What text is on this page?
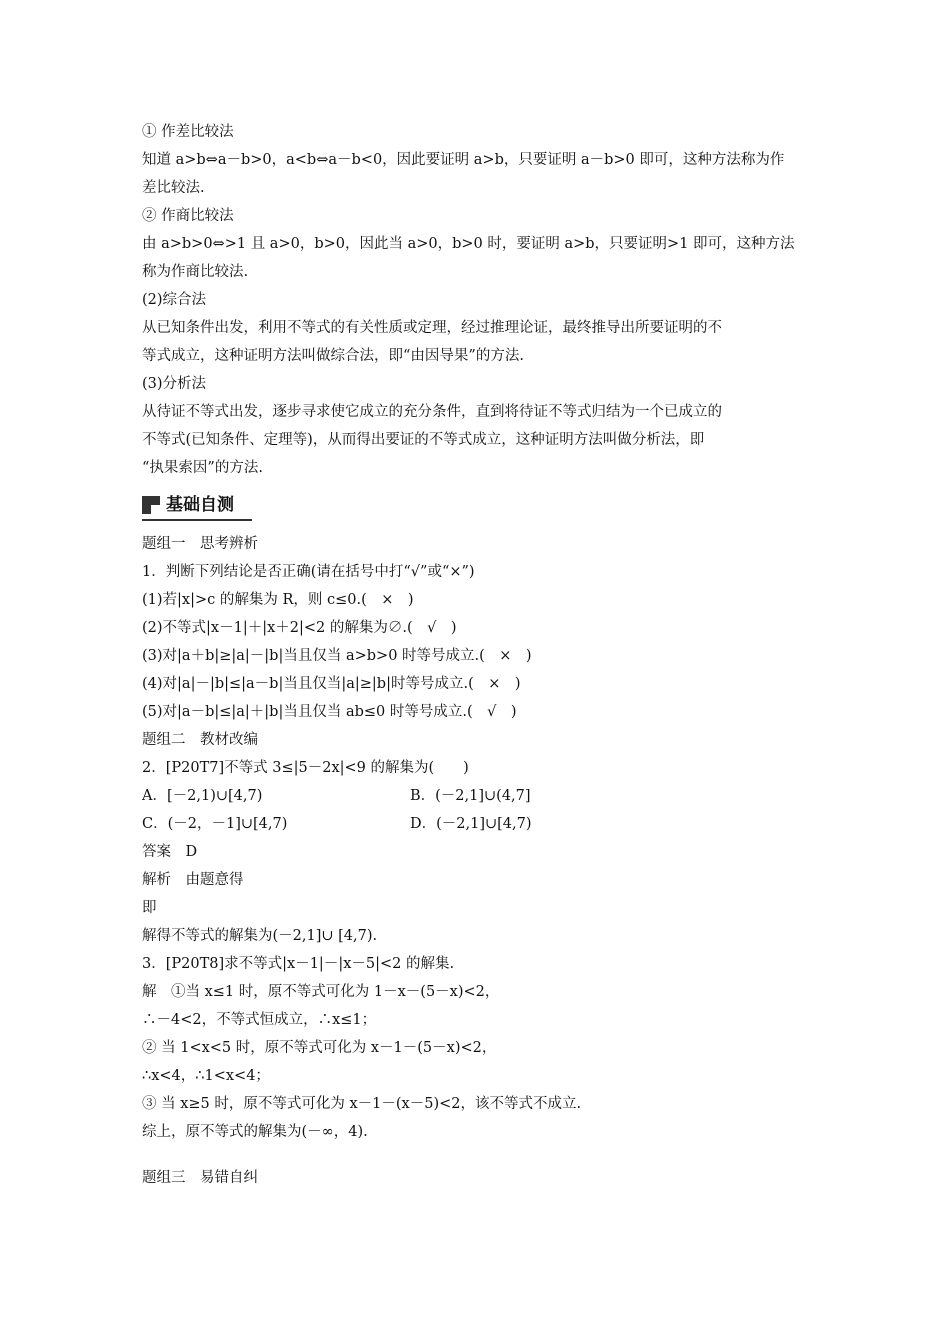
① 作差比较法
知道 a>b⇔a－b>0，a<b⇔a－b<0，因此要证明 a>b，只要证明 a－b>0 即可，这种方法称为作
差比较法.
② 作商比较法
由 a>b>0⇔>1 且 a>0，b>0，因此当 a>0，b>0 时，要证明 a>b，只要证明>1 即可，这种方法
称为作商比较法.
(2)综合法
从已知条件出发，利用不等式的有关性质或定理，经过推理论证，最终推导出所要证明的不
等式成立，这种证明方法叫做综合法，即“由因导果”的方法.
(3)分析法
从待证不等式出发，逐步寻求使它成立的充分条件，直到将待证不等式归结为一个已成立的
不等式(已知条件、定理等)，从而得出要证的不等式成立，这种证明方法叫做分析法，即
“执果索因”的方法.
基础自测
题组一　思考辨析
1．判断下列结论是否正确(请在括号中打“√”或“×”)
(1)若|x|>c 的解集为 R，则 c≤0.(　×　)
(2)不等式|x－1|＋|x＋2|<2 的解集为∅.(　√　)
(3)对|a＋b|≥|a|－|b|当且仅当 a>b>0 时等号成立.(　×　)
(4)对|a|－|b|≤|a－b|当且仅当|a|≥|b|时等号成立.(　×　)
(5)对|a－b|≤|a|＋|b|当且仅当 ab≤0 时等号成立.(　√　)
题组二　教材改编
2．[P20T7]不等式 3≤|5－2x|<9 的解集为(　　)
A．[－2,1)∪[4,7)	B．(－2,1]∪(4,7]
C．(－2，－1]∪[4,7)	D．(－2,1]∪[4,7)
答案　D
解析　由题意得
即
解得不等式的解集为(－2,1]∪ [4,7).
3．[P20T8]求不等式|x－1|－|x－5|<2 的解集.
解　①当 x≤1 时，原不等式可化为 1－x－(5－x)<2，
∴－4<2，不等式恒成立，∴x≤1；
② 当 1<x<5 时，原不等式可化为 x－1－(5－x)<2，
∴x<4，∴1<x<4；
③ 当 x≥5 时，原不等式可化为 x－1－(x－5)<2，该不等式不成立.
综上，原不等式的解集为(－∞，4).
题组三　易错自纠
